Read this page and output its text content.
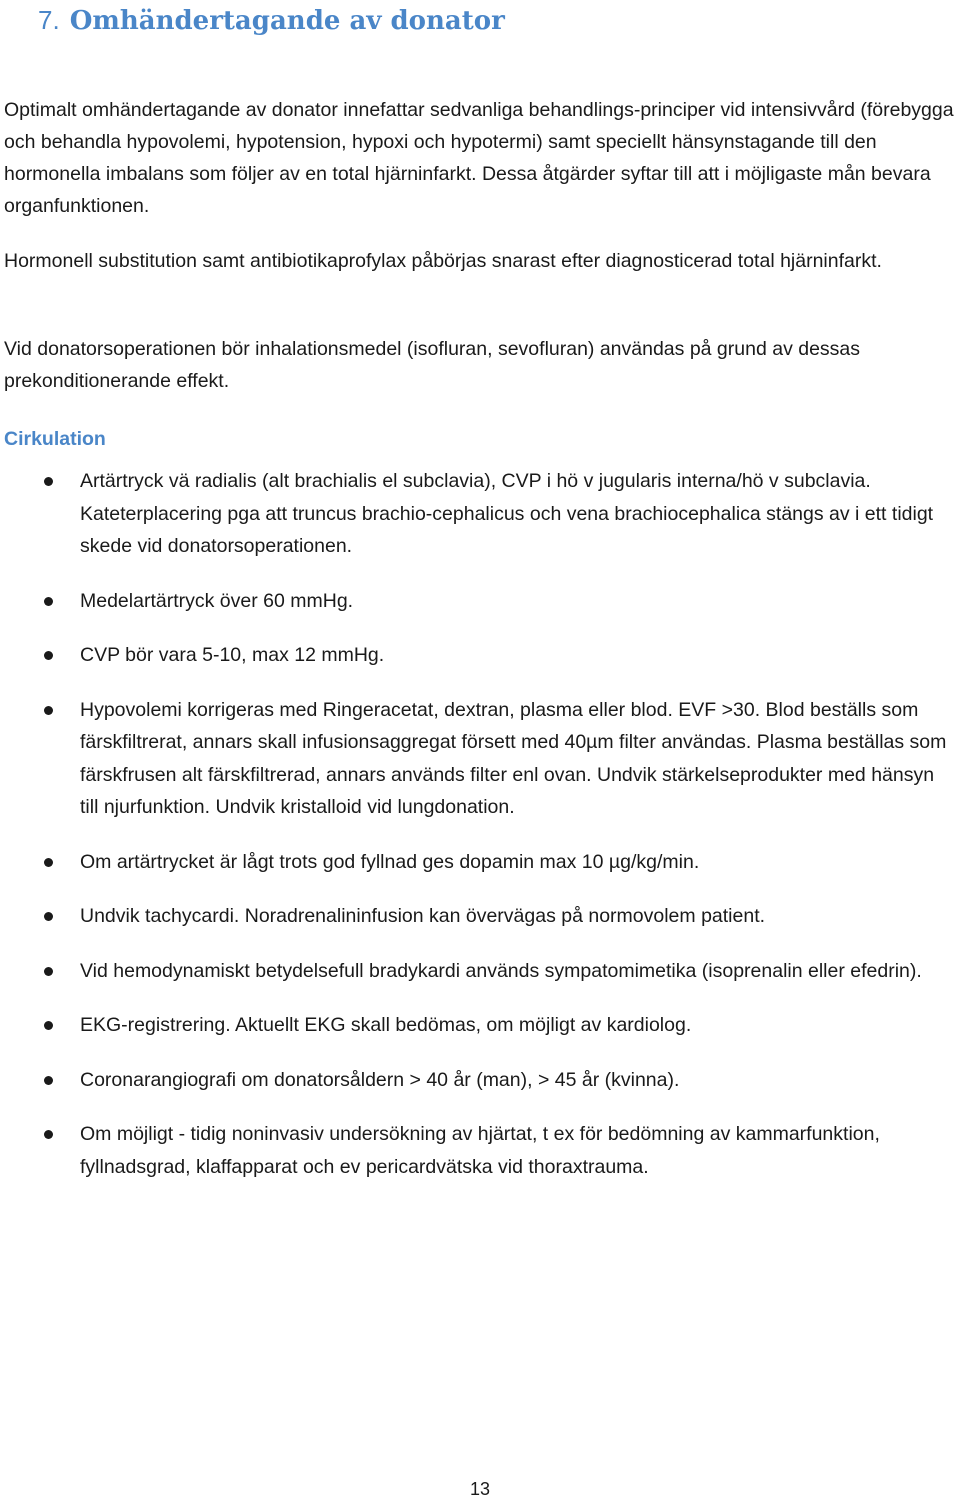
7. Omhändertagande av donator

Optimalt omhändertagande av donator innefattar sedvanliga behandlings-principer vid intensivvård (förebygga och behandla hypovolemi, hypotension, hypoxi och hypotermi) samt speciellt hänsynstagande till den hormonella imbalans som följer av en total hjärninfarkt. Dessa åtgärder syftar till att i möjligaste mån bevara organfunktionen.

Hormonell substitution samt antibiotikaprofylax påbörjas snarast efter diagnosticerad total hjärninfarkt.

Vid donatorsoperationen bör inhalationsmedel (isofluran, sevofluran) användas på grund av dessas prekonditionerande effekt.

Cirkulation
Artärtryck vä radialis (alt brachialis el subclavia), CVP i hö v jugularis interna/hö v subclavia. Kateterplacering pga att truncus brachio-cephalicus och vena brachiocephalica stängs av i ett tidigt skede vid donatorsoperationen.
Medelartärtryck över 60 mmHg.
CVP bör vara 5-10, max 12 mmHg.
Hypovolemi korrigeras med Ringeracetat, dextran, plasma eller blod. EVF >30. Blod beställs som färskfiltrerat, annars skall infusionsaggregat försett med 40µm filter användas. Plasma beställas som färskfrusen alt färskfiltrerad, annars används filter enl ovan. Undvik stärkelseprodukter med hänsyn till njurfunktion. Undvik kristalloid vid lungdonation.
Om artärtrycket är lågt trots god fyllnad ges dopamin max 10 µg/kg/min.
Undvik tachycardi. Noradrenalininfusion kan övervägas på normovolem patient.
Vid hemodynamiskt betydelsefull bradykardi används sympatomimetika (isoprenalin eller efedrin).
EKG-registrering. Aktuellt EKG skall bedömas, om möjligt av kardiolog.
Coronarangiografi om donatorsåldern > 40 år (man), > 45 år (kvinna).
Om möjligt - tidig noninvasiv undersökning av hjärtat, t ex för bedömning av kammarfunktion, fyllnadsgrad, klaffapparat och ev pericardvätska vid thoraxtrauma.
13
